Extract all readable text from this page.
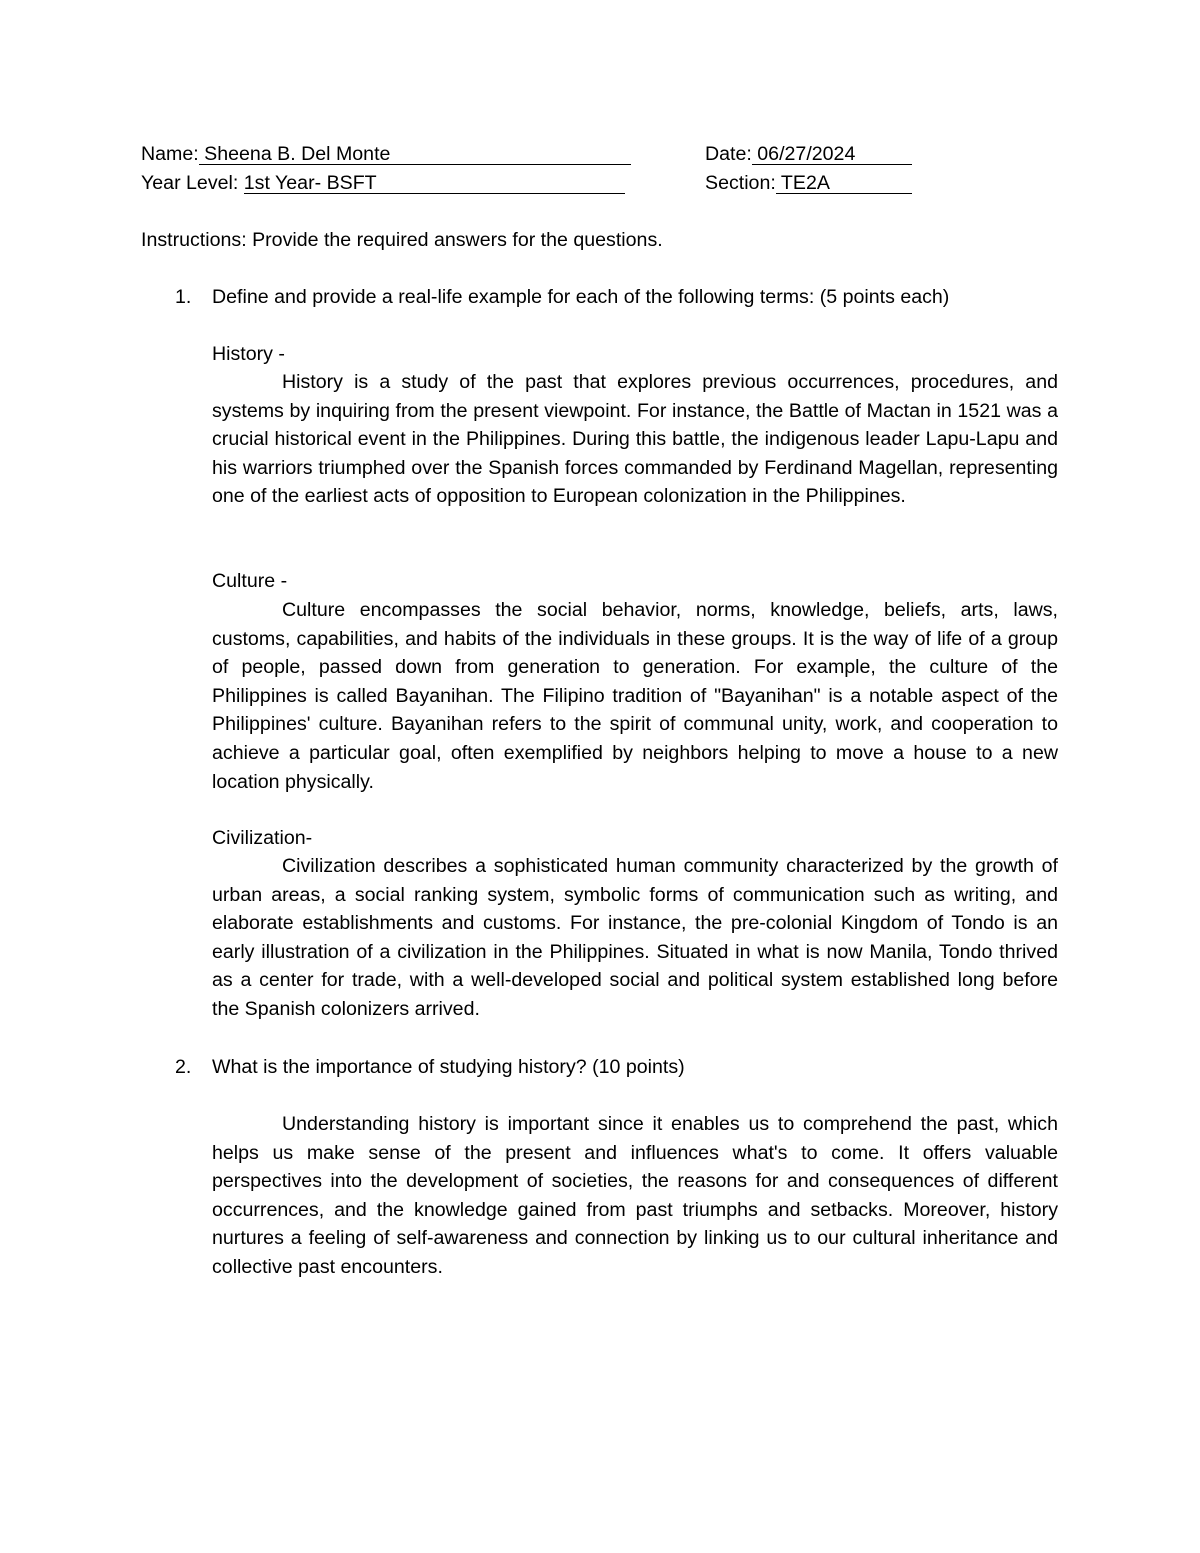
Name: Sheena B. Del Monte	Date: 06/27/2024
Year Level: 1st Year- BSFT	Section: TE2A
Instructions: Provide the required answers for the questions.
1. Define and provide a real-life example for each of the following terms: (5 points each)
History -

History is a study of the past that explores previous occurrences, procedures, and systems by inquiring from the present viewpoint. For instance, the Battle of Mactan in 1521 was a crucial historical event in the Philippines. During this battle, the indigenous leader Lapu-Lapu and his warriors triumphed over the Spanish forces commanded by Ferdinand Magellan, representing one of the earliest acts of opposition to European colonization in the Philippines.

Culture -

Culture encompasses the social behavior, norms, knowledge, beliefs, arts, laws, customs, capabilities, and habits of the individuals in these groups. It is the way of life of a group of people, passed down from generation to generation. For example, the culture of the Philippines is called Bayanihan. The Filipino tradition of "Bayanihan" is a notable aspect of the Philippines' culture. Bayanihan refers to the spirit of communal unity, work, and cooperation to achieve a particular goal, often exemplified by neighbors helping to move a house to a new location physically.

Civilization-

Civilization describes a sophisticated human community characterized by the growth of urban areas, a social ranking system, symbolic forms of communication such as writing, and elaborate establishments and customs. For instance, the pre-colonial Kingdom of Tondo is an early illustration of a civilization in the Philippines. Situated in what is now Manila, Tondo thrived as a center for trade, with a well-developed social and political system established long before the Spanish colonizers arrived.

2. What is the importance of studying history? (10 points)

Understanding history is important since it enables us to comprehend the past, which helps us make sense of the present and influences what's to come. It offers valuable perspectives into the development of societies, the reasons for and consequences of different occurrences, and the knowledge gained from past triumphs and setbacks. Moreover, history nurtures a feeling of self-awareness and connection by linking us to our cultural inheritance and collective past encounters.
